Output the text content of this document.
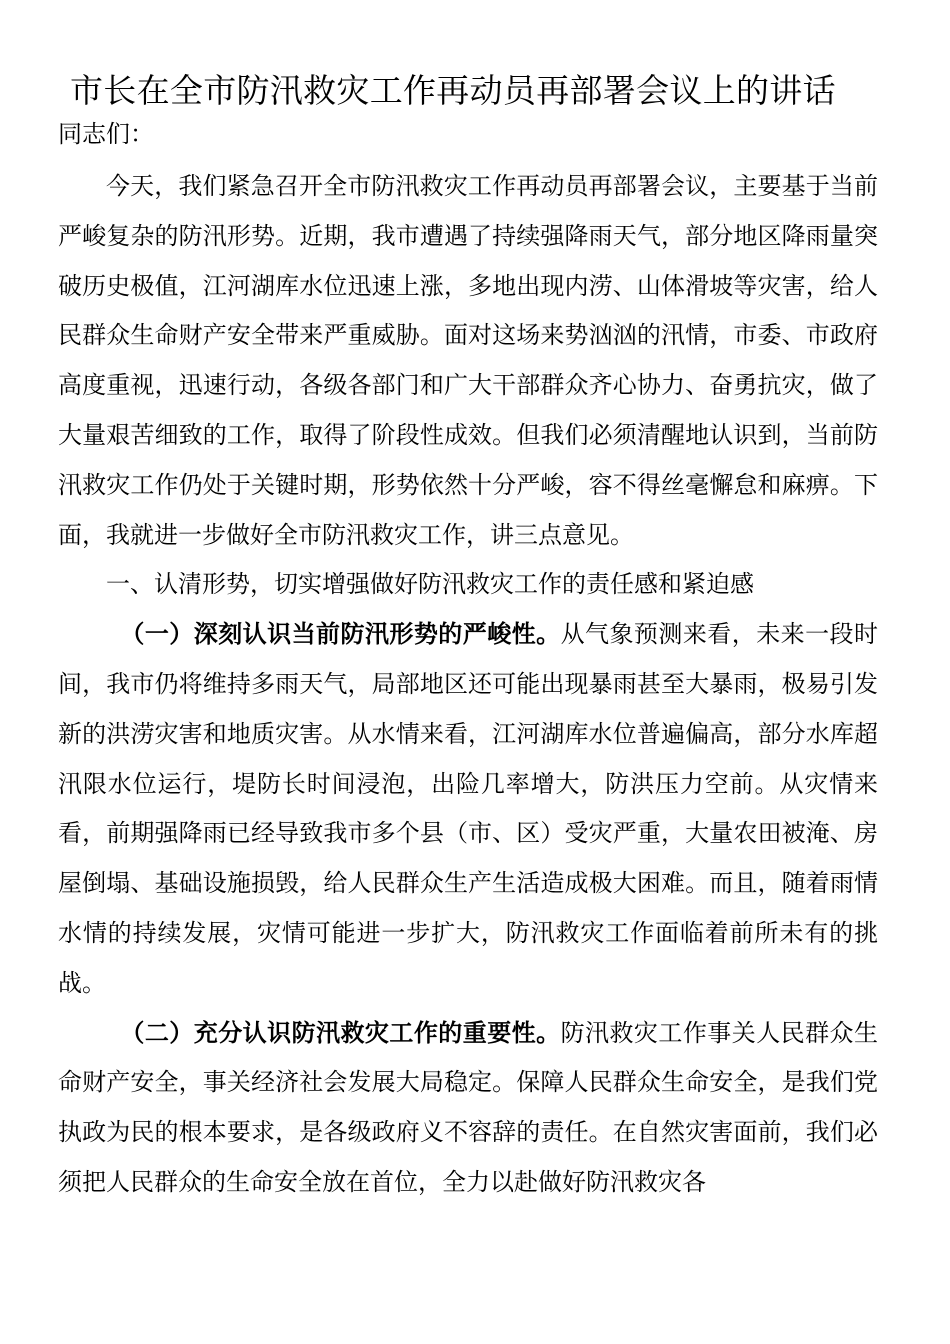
市长在全市防汛救灾工作再动员再部署会议上的讲话

同志们：

今天，我们紧急召开全市防汛救灾工作再动员再部署会议，主要基于当前严峻复杂的防汛形势。近期，我市遭遇了持续强降雨天气，部分地区降雨量突破历史极值，江河湖库水位迅速上涨，多地出现内涝、山体滑坡等灾害，给人民群众生命财产安全带来严重威胁。面对这场来势汹汹的汛情，市委、市政府高度重视，迅速行动，各级各部门和广大干部群众齐心协力、奋勇抗灾，做了大量艰苦细致的工作，取得了阶段性成效。但我们必须清醒地认识到，当前防汛救灾工作仍处于关键时期，形势依然十分严峻，容不得丝毫懈怠和麻痹。下面，我就进一步做好全市防汛救灾工作，讲三点意见。

一、认清形势，切实增强做好防汛救灾工作的责任感和紧迫感

（一）深刻认识当前防汛形势的严峻性。从气象预测来看，未来一段时间，我市仍将维持多雨天气，局部地区还可能出现暴雨甚至大暴雨，极易引发新的洪涝灾害和地质灾害。从水情来看，江河湖库水位普遍偏高，部分水库超汛限水位运行，堤防长时间浸泡，出险几率增大，防洪压力空前。从灾情来看，前期强降雨已经导致我市多个县（市、区）受灾严重，大量农田被淹、房屋倒塌、基础设施损毁，给人民群众生产生活造成极大困难。而且，随着雨情水情的持续发展，灾情可能进一步扩大，防汛救灾工作面临着前所未有的挑战。

（二）充分认识防汛救灾工作的重要性。防汛救灾工作事关人民群众生命财产安全，事关经济社会发展大局稳定。保障人民群众生命安全，是我们党执政为民的根本要求，是各级政府义不容辞的责任。在自然灾害面前，我们必须把人民群众的生命安全放在首位，全力以赴做好防汛救灾各
